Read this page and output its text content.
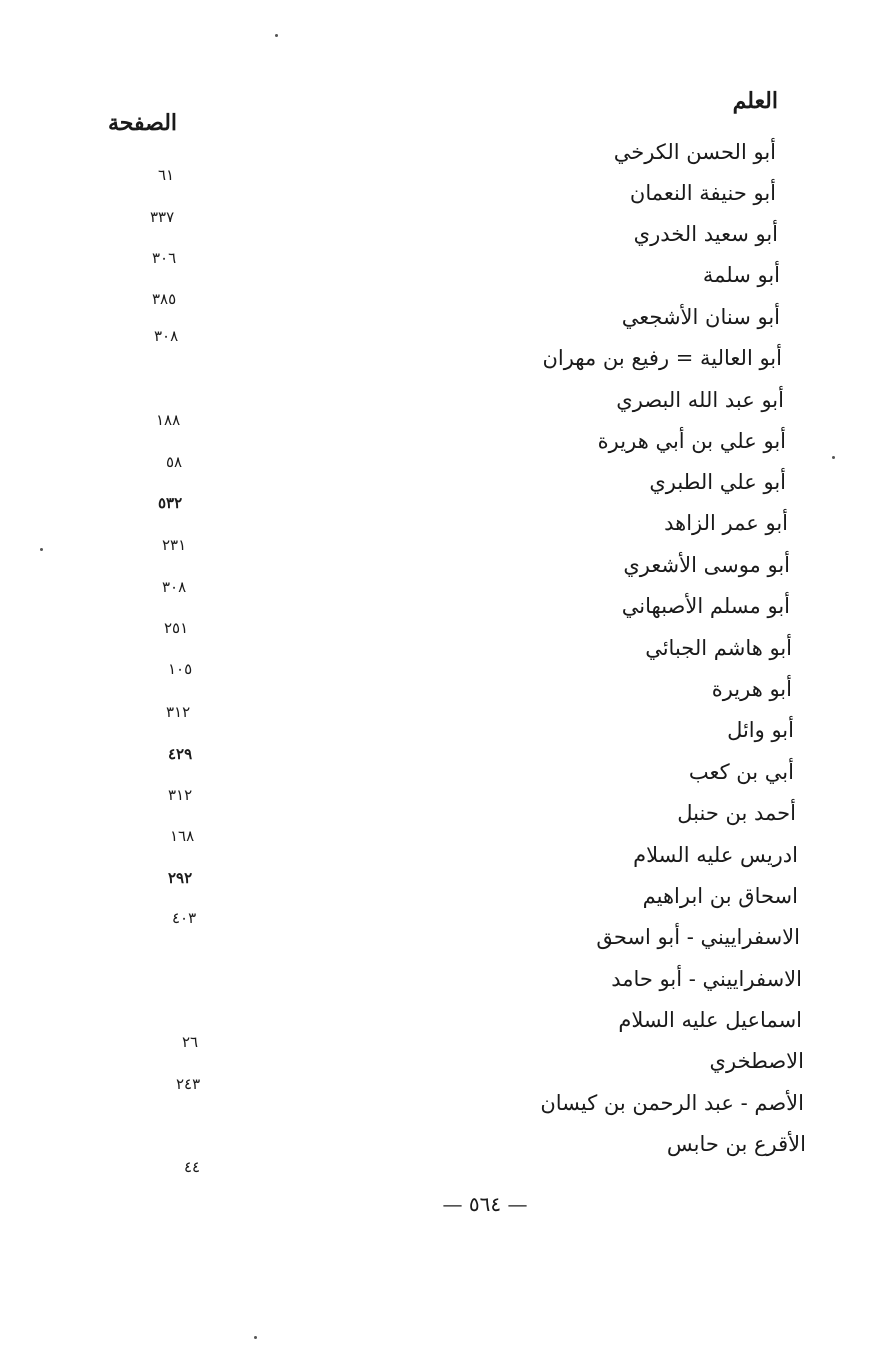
العلم
الصفحة
أبو الحسن الكرخي
أبو حنيفة النعمان
أبو سعيد الخدري
أبو سلمة
أبو سنان الأشجعي
أبو العالية = رفيع بن مهران
أبو عبد الله البصري
أبو علي بن أبي هريرة
أبو علي الطبري
أبو عمر الزاهد
أبو موسى الأشعري
أبو مسلم الأصبهاني
أبو هاشم الجبائي
أبو هريرة
أبو وائل
أبي بن كعب
أحمد بن حنبل
ادريس عليه السلام
اسحاق بن ابراهيم
الاسفراييني - أبو اسحق
الاسفراييني - أبو حامد
اسماعيل عليه السلام
الاصطخري
الأصم - عبد الرحمن بن كيسان
الأقرع بن حابس
٦١
٣٣٧
٣٠٦
٣٨٥
٣٠٨
١٨٨
٥٨
٥٣٢
٢٣١
٣٠٨
٢٥١
١٠٥
٣١٢
٤٢٩
٣١٢
١٦٨
٢٩٢
٤٠٣
٢٦
٢٤٣
٤٤
— ٥٦٤ —
